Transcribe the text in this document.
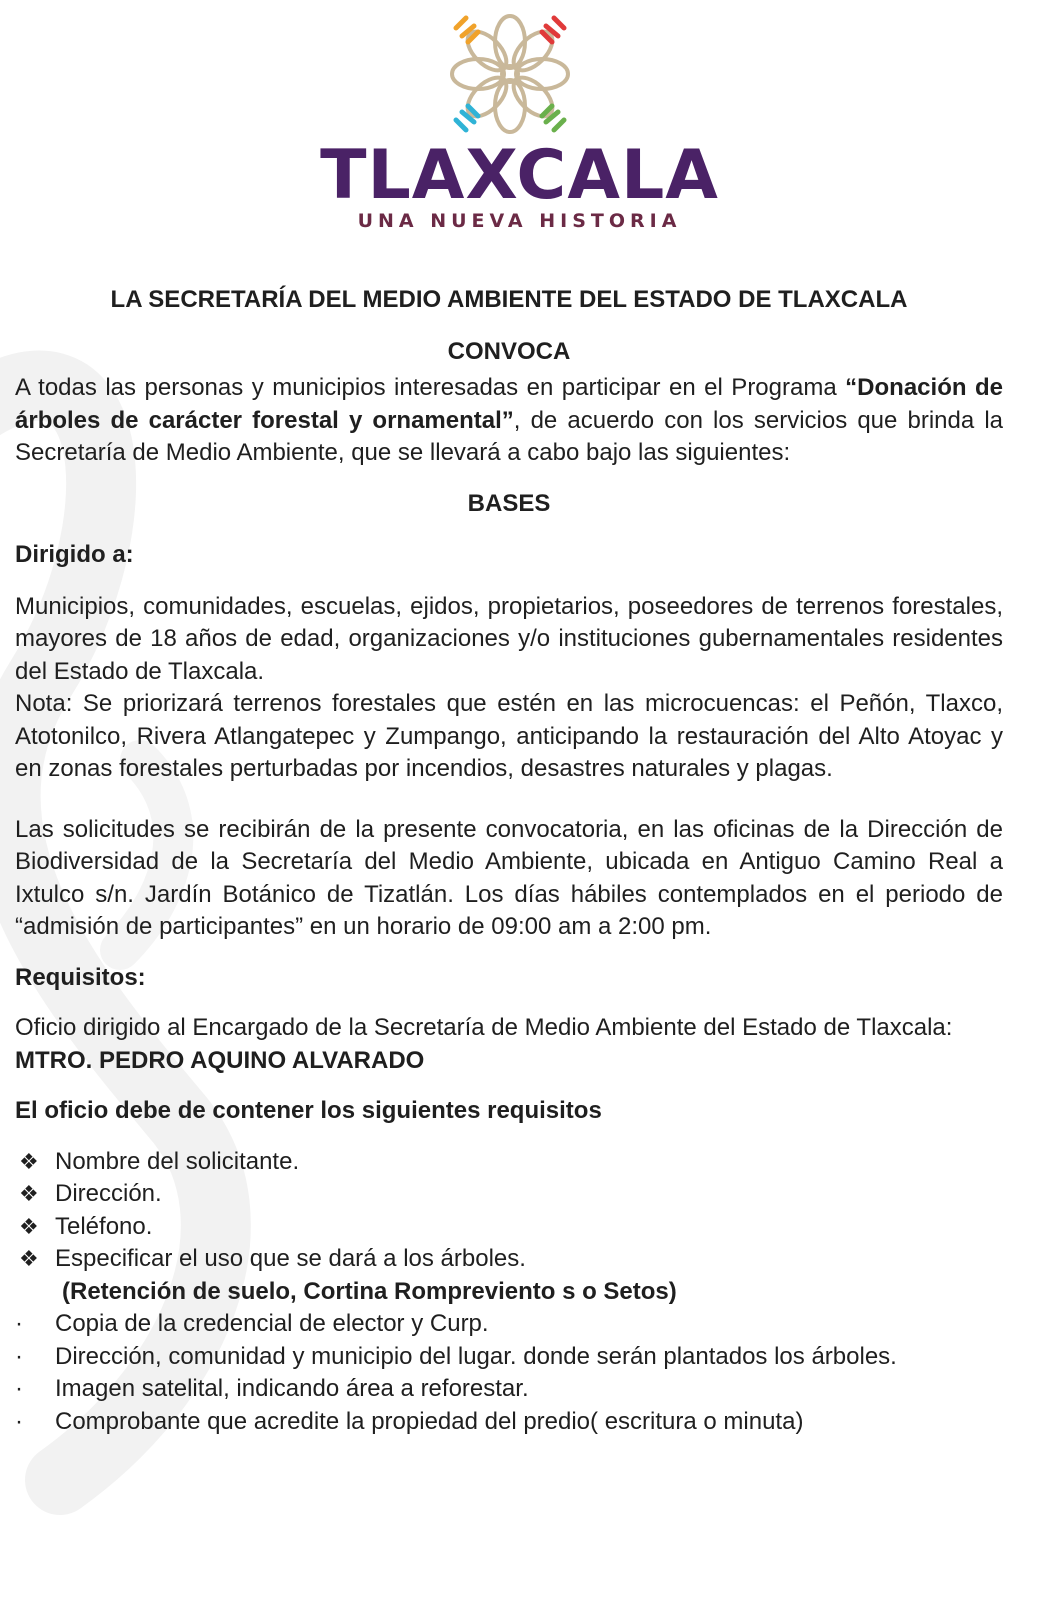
TLAXCALA
UNA NUEVA HISTORIA

LA SECRETARÍA DEL MEDIO AMBIENTE DEL ESTADO DE TLAXCALA

CONVOCA

A todas las personas y municipios interesadas en participar en el Programa “Donación de árboles de carácter forestal y ornamental”, de acuerdo con los servicios que brinda la Secretaría de Medio Ambiente, que se llevará a cabo bajo las siguientes:

BASES

Dirigido a:

Municipios, comunidades, escuelas, ejidos, propietarios, poseedores de terrenos forestales, mayores de 18 años de edad, organizaciones y/o instituciones gubernamentales residentes del Estado de Tlaxcala.

Nota: Se priorizará terrenos forestales que estén en las microcuencas: el Peñón, Tlaxco, Atotonilco, Rivera Atlangatepec y Zumpango, anticipando la restauración del Alto Atoyac y en zonas forestales perturbadas por incendios, desastres naturales y plagas.

Las solicitudes se recibirán de la presente convocatoria, en las oficinas de la Dirección de Biodiversidad de la Secretaría del Medio Ambiente, ubicada en Antiguo Camino Real a Ixtulco s/n. Jardín Botánico de Tizatlán. Los días hábiles contemplados en el periodo de “admisión de participantes” en un horario de 09:00 am a 2:00 pm.

Requisitos:

Oficio dirigido al Encargado de la Secretaría de Medio Ambiente del Estado de Tlaxcala: MTRO. PEDRO AQUINO ALVARADO

El oficio debe de contener los siguientes requisitos

❖ Nombre del solicitante.
❖ Dirección.
❖ Teléfono.
❖ Especificar el uso que se dará a los árboles.

(Retención de suelo, Cortina Rompreviento s o Setos)

· Copia de la credencial de elector y Curp.
· Dirección, comunidad y municipio del lugar. donde serán plantados los árboles.
· Imagen satelital, indicando área a reforestar.
· Comprobante que acredite la propiedad del predio( escritura o minuta)
